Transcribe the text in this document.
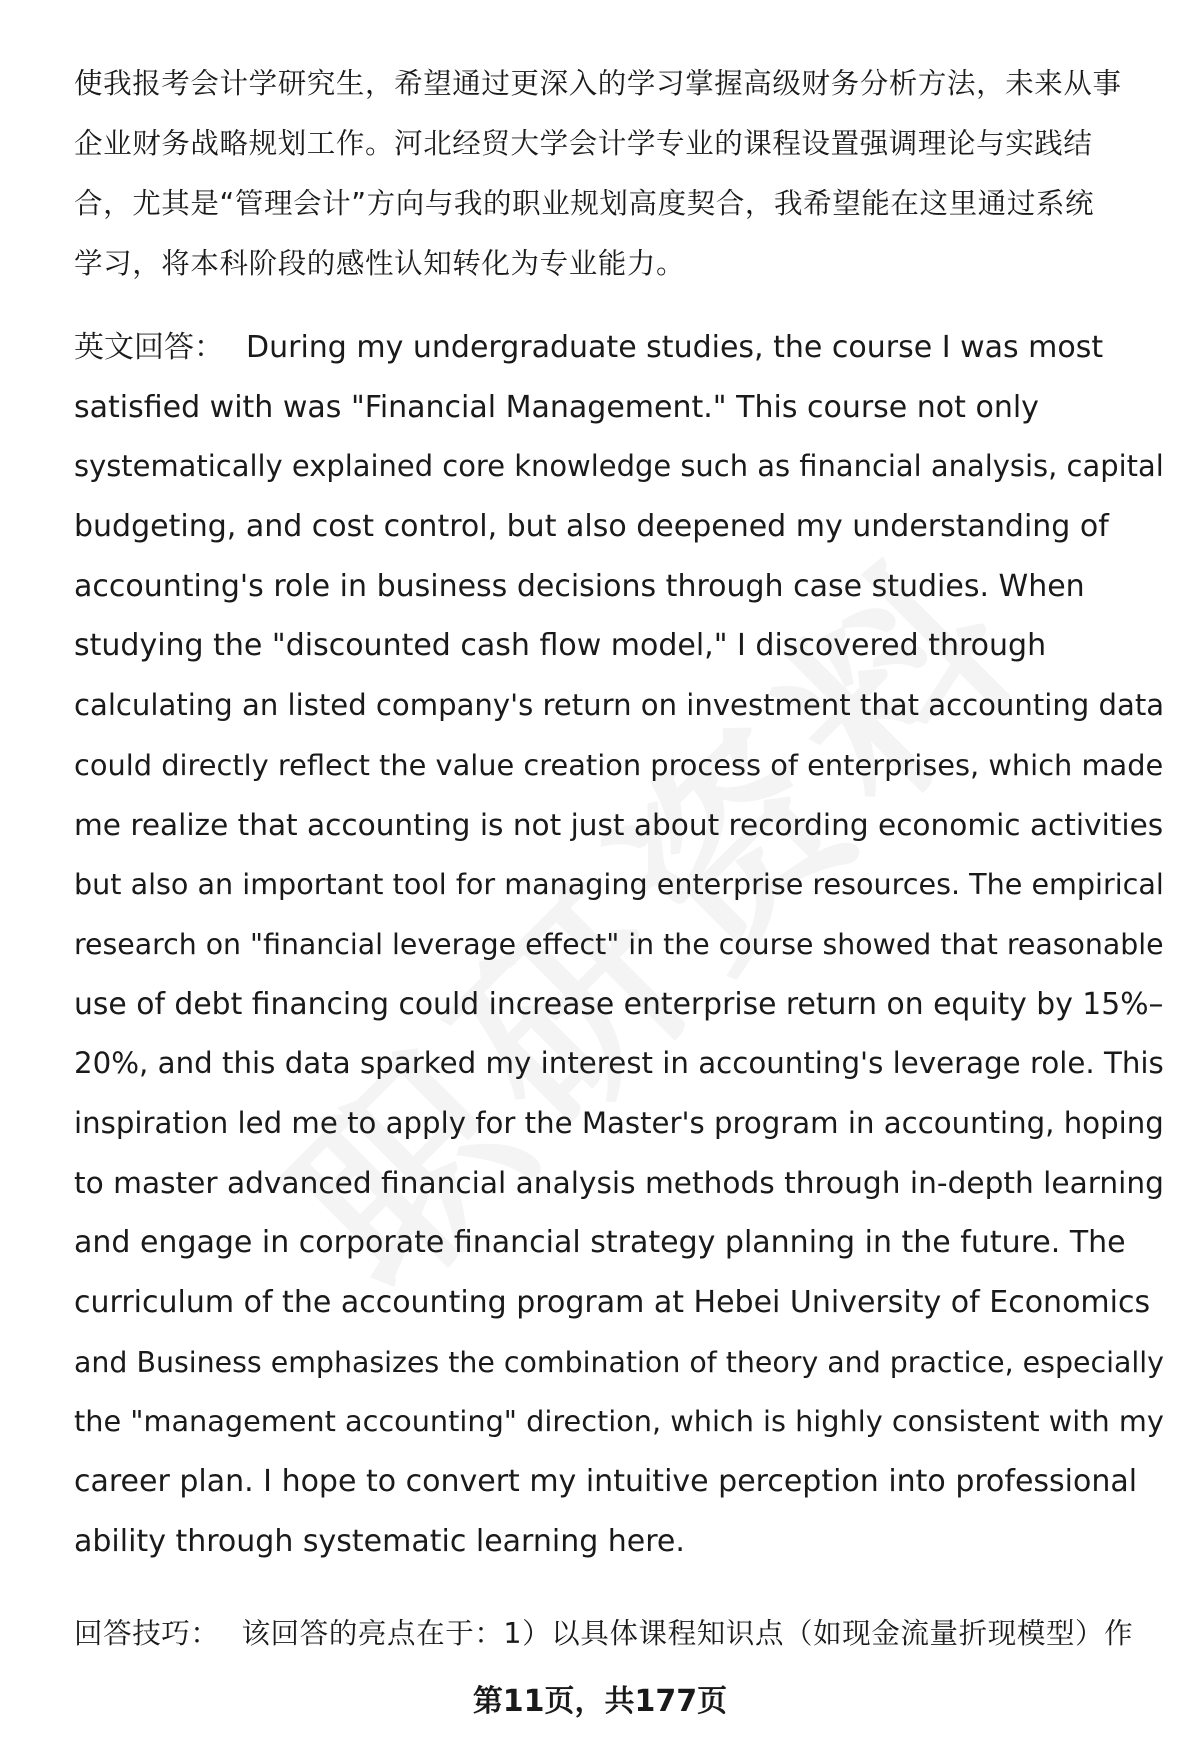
使我报考会计学研究生，希望通过更深入的学习掌握高级财务分析方法，未来从事
企业财务战略规划工作。河北经贸大学会计学专业的课程设置强调理论与实践结
合，尤其是“管理会计”方向与我的职业规划高度契合，我希望能在这里通过系统
学习，将本科阶段的感性认知转化为专业能力。
英文回答： During my undergraduate studies, the course I was most
satisfied with was "Financial Management." This course not only
systematically explained core knowledge such as financial analysis, capital
budgeting, and cost control, but also deepened my understanding of
accounting's role in business decisions through case studies. When
studying the "discounted cash flow model," I discovered through
calculating an listed company's return on investment that accounting data
could directly reflect the value creation process of enterprises, which made
me realize that accounting is not just about recording economic activities
but also an important tool for managing enterprise resources. The empirical
research on "financial leverage effect" in the course showed that reasonable
use of debt financing could increase enterprise return on equity by 15%–
20%, and this data sparked my interest in accounting's leverage role. This
inspiration led me to apply for the Master's program in accounting, hoping
to master advanced financial analysis methods through in-depth learning
and engage in corporate financial strategy planning in the future. The
curriculum of the accounting program at Hebei University of Economics
and Business emphasizes the combination of theory and practice, especially
the "management accounting" direction, which is highly consistent with my
career plan. I hope to convert my intuitive perception into professional
ability through systematic learning here.
回答技巧： 该回答的亮点在于：1）以具体课程知识点（如现金流量折现模型）作
第11页，共177页
